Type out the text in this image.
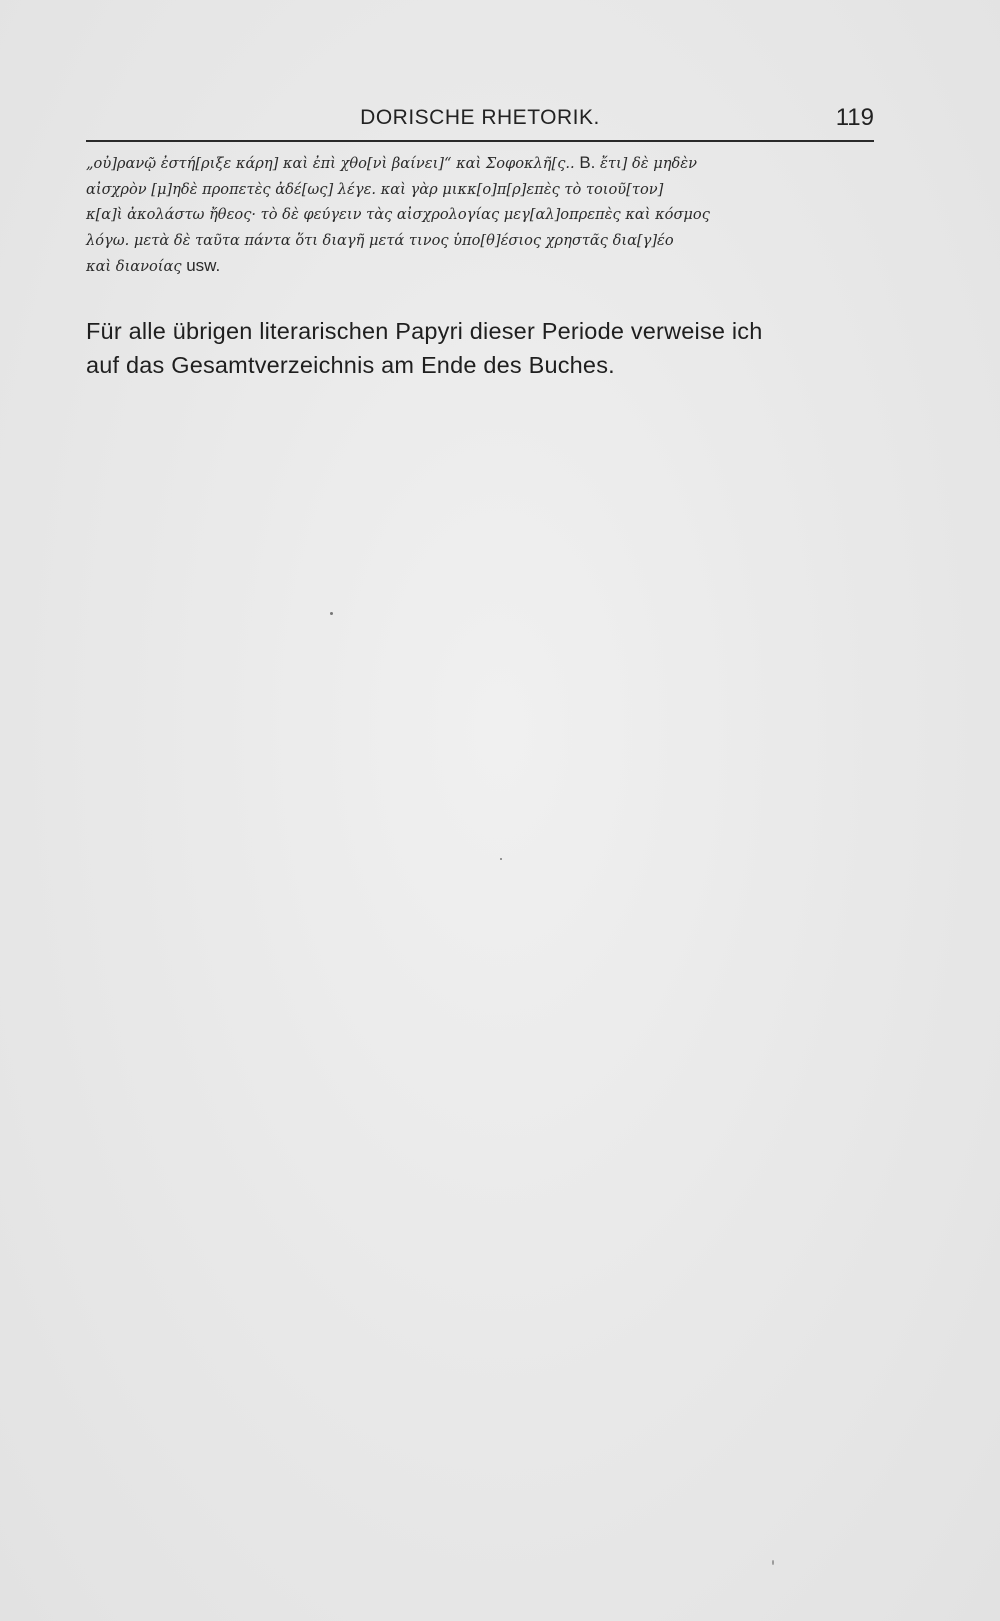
DORISCHE RHETORIK.	119
„οὐ]ρανῷ ἐστή[ριξε κάρη] καὶ ἐπὶ χθο[νὶ βαίνει]“ καὶ Σοφοκλῆ[ς.. B. ἔτι] δὲ μηδὲν
αἰσχρὸν [μ]ηδὲ προπετὲς ἀδέ[ως] λέγε. καὶ γὰρ μικκ[ο]π[ρ]επὲς τὸ τοιοῦ[τον]
κ[α]ὶ ἀκολάστω ἤθεος· τὸ δὲ φεύγειν τὰς αἰσχρολογίας μεγ[αλ]οπρεπὲς καὶ κόσμος
λόγω. μετὰ δὲ ταῦτα πάντα ὅτι διαγῆ μετά τινος ὑπο[θ]έσιος χρηστᾶς δια[γ]έο
καὶ διανοίας usw.
Für alle übrigen literarischen Papyri dieser Periode verweise ich
auf das Gesamtverzeichnis am Ende des Buches.
